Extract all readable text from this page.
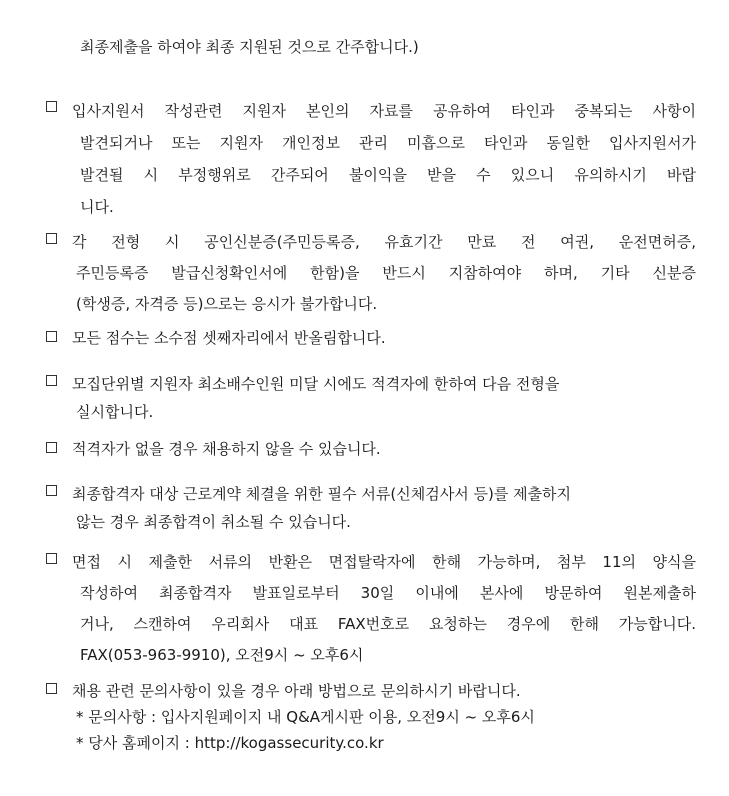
최종제출을 하여야 최종 지원된 것으로 간주합니다.)
입사지원서 작성관련 지원자 본인의 자료를 공유하여 타인과 중복되는 사항이
발견되거나 또는 지원자 개인정보 관리 미흡으로 타인과 동일한 입사지원서가
발견될 시 부정행위로 간주되어 불이익을 받을 수 있으니 유의하시기 바랍
니다.
각 전형 시 공인신분증(주민등록증, 유효기간 만료 전 여권, 운전면허증,
주민등록증 발급신청확인서에 한함)을 반드시 지참하여야 하며, 기타 신분증
(학생증, 자격증 등)으로는 응시가 불가합니다.
모든 점수는 소수점 셋째자리에서 반올림합니다.
모집단위별 지원자 최소배수인원 미달 시에도 적격자에 한하여 다음 전형을
실시합니다.
적격자가 없을 경우 채용하지 않을 수 있습니다.
최종합격자 대상 근로계약 체결을 위한 필수 서류(신체검사서 등)를 제출하지
않는 경우 최종합격이 취소될 수 있습니다.
면접 시 제출한 서류의 반환은 면접탈락자에 한해 가능하며, 첨부 11의 양식을
작성하여 최종합격자 발표일로부터 30일 이내에 본사에 방문하여 원본제출하
거나, 스캔하여 우리회사 대표 FAX번호로 요청하는 경우에 한해 가능합니다.
FAX(053-963-9910), 오전9시 ~ 오후6시
채용 관련 문의사항이 있을 경우 아래 방법으로 문의하시기 바랍니다.
* 문의사항 : 입사지원페이지 내 Q&A게시판 이용, 오전9시 ~ 오후6시
* 당사 홈페이지 : http://kogassecurity.co.kr
